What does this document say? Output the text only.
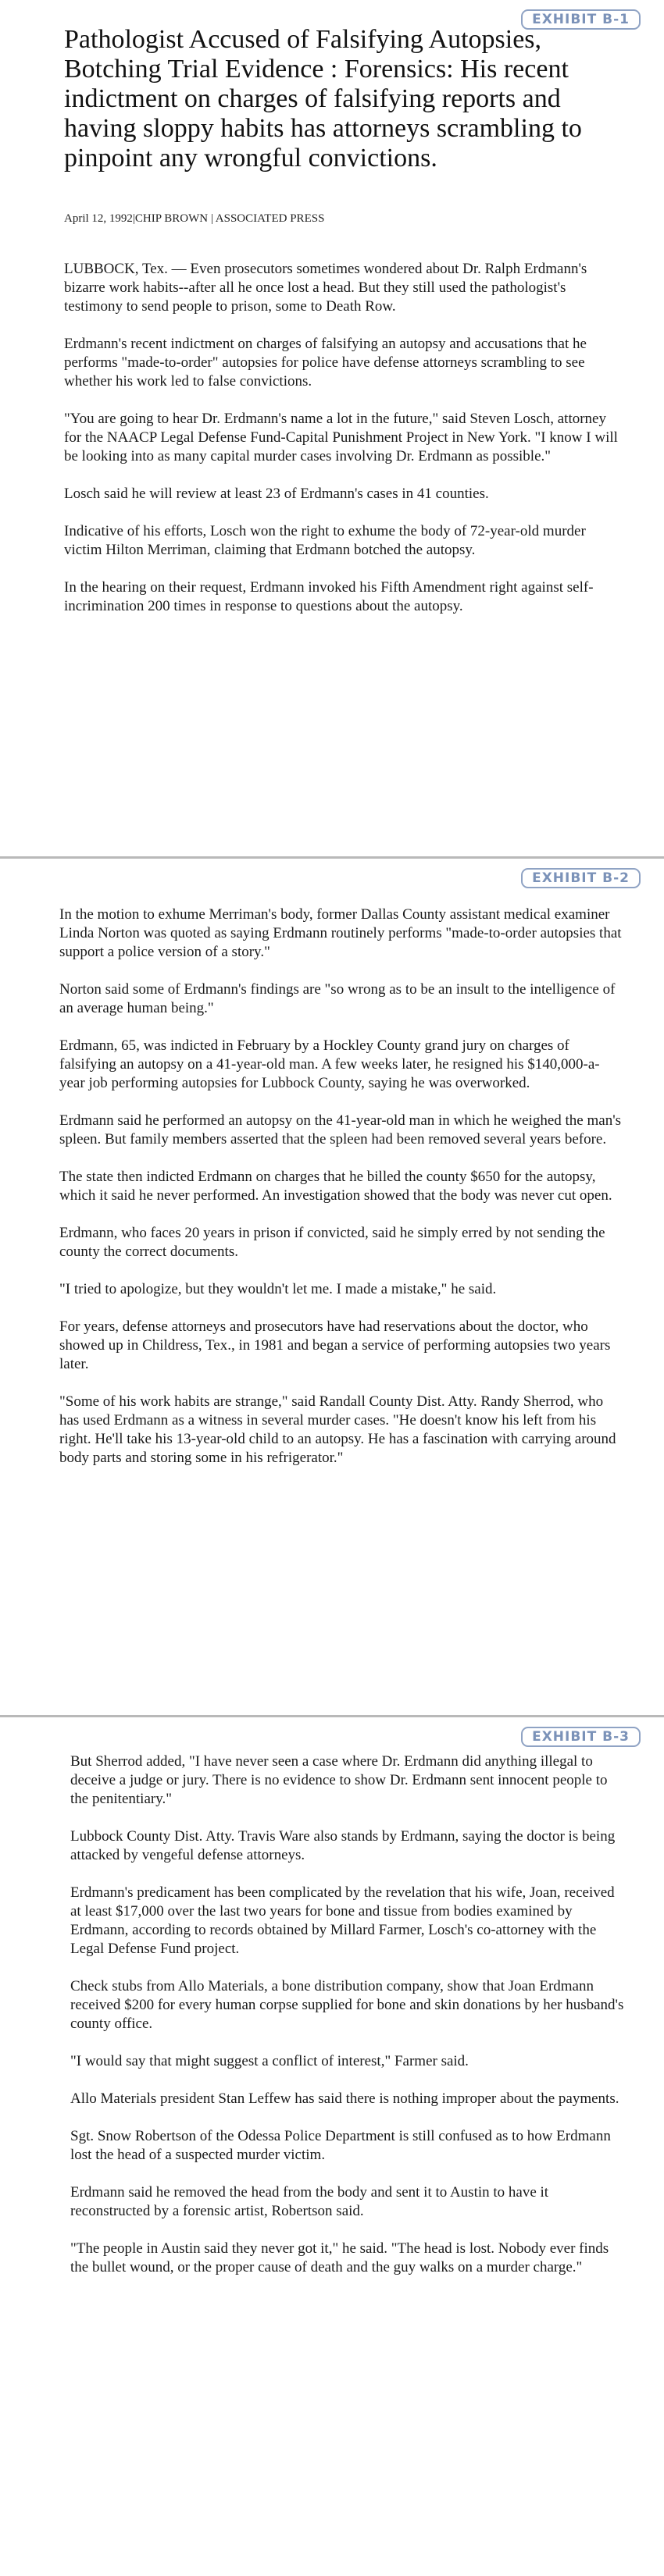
EXHIBIT B-1
Pathologist Accused of Falsifying Autopsies, Botching Trial Evidence : Forensics: His recent indictment on charges of falsifying reports and having sloppy habits has attorneys scrambling to pinpoint any wrongful convictions.
April 12, 1992|CHIP BROWN | ASSOCIATED PRESS

LUBBOCK, Tex. — Even prosecutors sometimes wondered about Dr. Ralph Erdmann's bizarre work habits--after all he once lost a head. But they still used the pathologist's testimony to send people to prison, some to Death Row.

Erdmann's recent indictment on charges of falsifying an autopsy and accusations that he performs "made-to-order" autopsies for police have defense attorneys scrambling to see whether his work led to false convictions.

"You are going to hear Dr. Erdmann's name a lot in the future," said Steven Losch, attorney for the NAACP Legal Defense Fund-Capital Punishment Project in New York. "I know I will be looking into as many capital murder cases involving Dr. Erdmann as possible."

Losch said he will review at least 23 of Erdmann's cases in 41 counties.

Indicative of his efforts, Losch won the right to exhume the body of 72-year-old murder victim Hilton Merriman, claiming that Erdmann botched the autopsy.

In the hearing on their request, Erdmann invoked his Fifth Amendment right against self-incrimination 200 times in response to questions about the autopsy.

EXHIBIT B-2

In the motion to exhume Merriman's body, former Dallas County assistant medical examiner Linda Norton was quoted as saying Erdmann routinely performs "made-to-order autopsies that support a police version of a story."

Norton said some of Erdmann's findings are "so wrong as to be an insult to the intelligence of an average human being."

Erdmann, 65, was indicted in February by a Hockley County grand jury on charges of falsifying an autopsy on a 41-year-old man. A few weeks later, he resigned his $140,000-a-year job performing autopsies for Lubbock County, saying he was overworked.

Erdmann said he performed an autopsy on the 41-year-old man in which he weighed the man's spleen. But family members asserted that the spleen had been removed several years before.

The state then indicted Erdmann on charges that he billed the county $650 for the autopsy, which it said he never performed. An investigation showed that the body was never cut open.

Erdmann, who faces 20 years in prison if convicted, said he simply erred by not sending the county the correct documents.

"I tried to apologize, but they wouldn't let me. I made a mistake," he said.

For years, defense attorneys and prosecutors have had reservations about the doctor, who showed up in Childress, Tex., in 1981 and began a service of performing autopsies two years later.

"Some of his work habits are strange," said Randall County Dist. Atty. Randy Sherrod, who has used Erdmann as a witness in several murder cases. "He doesn't know his left from his right. He'll take his 13-year-old child to an autopsy. He has a fascination with carrying around body parts and storing some in his refrigerator."

EXHIBIT B-3

But Sherrod added, "I have never seen a case where Dr. Erdmann did anything illegal to deceive a judge or jury. There is no evidence to show Dr. Erdmann sent innocent people to the penitentiary."

Lubbock County Dist. Atty. Travis Ware also stands by Erdmann, saying the doctor is being attacked by vengeful defense attorneys.

Erdmann's predicament has been complicated by the revelation that his wife, Joan, received at least $17,000 over the last two years for bone and tissue from bodies examined by Erdmann, according to records obtained by Millard Farmer, Losch's co-attorney with the Legal Defense Fund project.

Check stubs from Allo Materials, a bone distribution company, show that Joan Erdmann received $200 for every human corpse supplied for bone and skin donations by her husband's county office.

"I would say that might suggest a conflict of interest," Farmer said.

Allo Materials president Stan Leffew has said there is nothing improper about the payments.

Sgt. Snow Robertson of the Odessa Police Department is still confused as to how Erdmann lost the head of a suspected murder victim.

Erdmann said he removed the head from the body and sent it to Austin to have it reconstructed by a forensic artist, Robertson said.

"The people in Austin said they never got it," he said. "The head is lost. Nobody ever finds the bullet wound, or the proper cause of death and the guy walks on a murder charge."
